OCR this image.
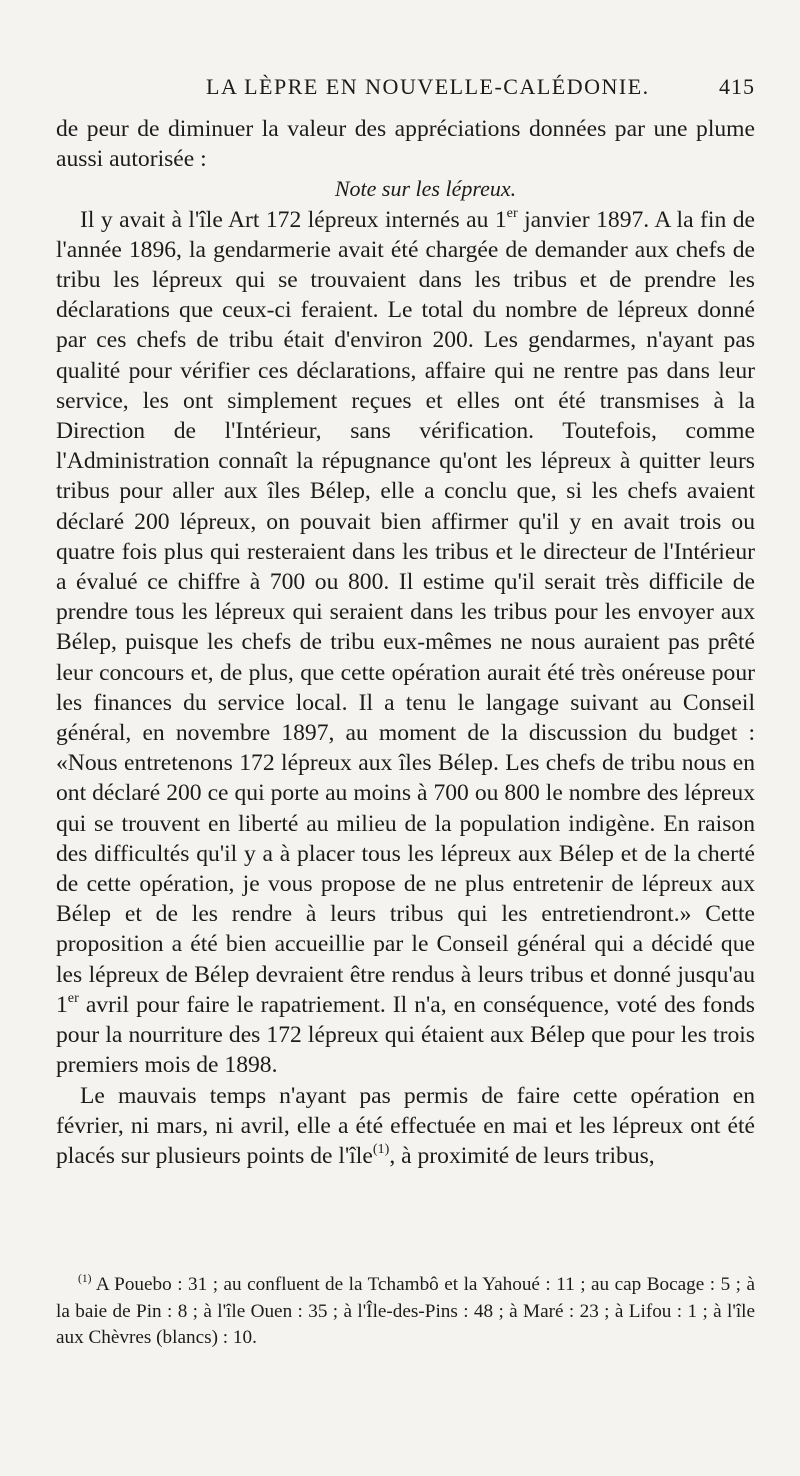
LA LÈPRE EN NOUVELLE-CALÉDONIE.	415

de peur de diminuer la valeur des appréciations données par une plume aussi autorisée :

Note sur les lépreux.

Il y avait à l'île Art 172 lépreux internés au 1er janvier 1897. A la fin de l'année 1896, la gendarmerie avait été chargée de demander aux chefs de tribu les lépreux qui se trouvaient dans les tribus et de prendre les déclarations que ceux-ci feraient. Le total du nombre de lépreux donné par ces chefs de tribu était d'environ 200. Les gendarmes, n'ayant pas qualité pour vérifier ces déclarations, affaire qui ne rentre pas dans leur service, les ont simplement reçues et elles ont été transmises à la Direction de l'Intérieur, sans vérification. Toutefois, comme l'Administration connaît la répugnance qu'ont les lépreux à quitter leurs tribus pour aller aux îles Bélep, elle a conclu que, si les chefs avaient déclaré 200 lépreux, on pouvait bien affirmer qu'il y en avait trois ou quatre fois plus qui resteraient dans les tribus et le directeur de l'Intérieur a évalué ce chiffre à 700 ou 800. Il estime qu'il serait très difficile de prendre tous les lépreux qui seraient dans les tribus pour les envoyer aux Bélep, puisque les chefs de tribu eux-mêmes ne nous auraient pas prêté leur concours et, de plus, que cette opération aurait été très onéreuse pour les finances du service local. Il a tenu le langage suivant au Conseil général, en novembre 1897, au moment de la discussion du budget : «Nous entretenons 172 lépreux aux îles Bélep. Les chefs de tribu nous en ont déclaré 200 ce qui porte au moins à 700 ou 800 le nombre des lépreux qui se trouvent en liberté au milieu de la population indigène. En raison des difficultés qu'il y a à placer tous les lépreux aux Bélep et de la cherté de cette opération, je vous propose de ne plus entretenir de lépreux aux Bélep et de les rendre à leurs tribus qui les entretiendront.» Cette proposition a été bien accueillie par le Conseil général qui a décidé que les lépreux de Bélep devraient être rendus à leurs tribus et donné jusqu'au 1er avril pour faire le rapatriement. Il n'a, en conséquence, voté des fonds pour la nourriture des 172 lépreux qui étaient aux Bélep que pour les trois premiers mois de 1898.

Le mauvais temps n'ayant pas permis de faire cette opération en février, ni mars, ni avril, elle a été effectuée en mai et les lépreux ont été placés sur plusieurs points de l'île$^{(1)}$, à proximité de leurs tribus,

$^{(1)}$ A Pouebo : 31 ; au confluent de la Tchambô et la Yahoué : 11 ; au cap Bocage : 5 ; à la baie de Pin : 8 ; à l'île Ouen : 35 ; à l'Île-des-Pins : 48 ; à Maré : 23 ; à Lifou : 1 ; à l'île aux Chèvres (blancs) : 10.
